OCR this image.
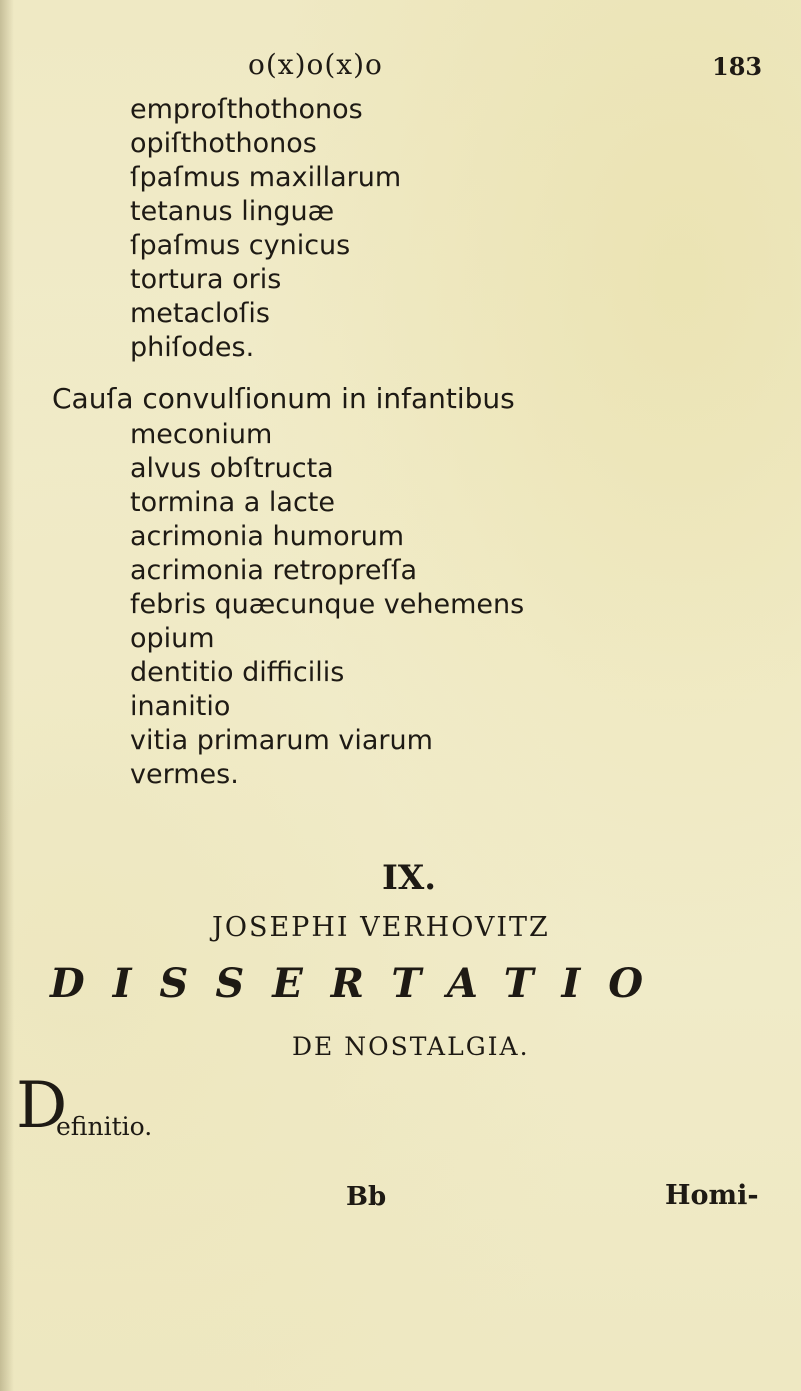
o(x)o(x)o	183
emproſthothonos
opiſthothonos
ſpaſmus maxillarum
tetanus linguæ
ſpaſmus cynicus
tortura oris
metacloſis
phiſodes.
Cauſa convulſionum in infantibus
meconium
alvus obſtructa
tormina a lacte
acrimonia humorum
acrimonia retropreſſa
febris quæcunque vehemens
opium
dentitio difficilis
inanitio
vitia primarum viarum
vermes.
IX.
JOSEPHI VERHOVITZ
DISSERTATIO
DE NOSTALGIA.
D
efinitio.
Bb	Homi-
